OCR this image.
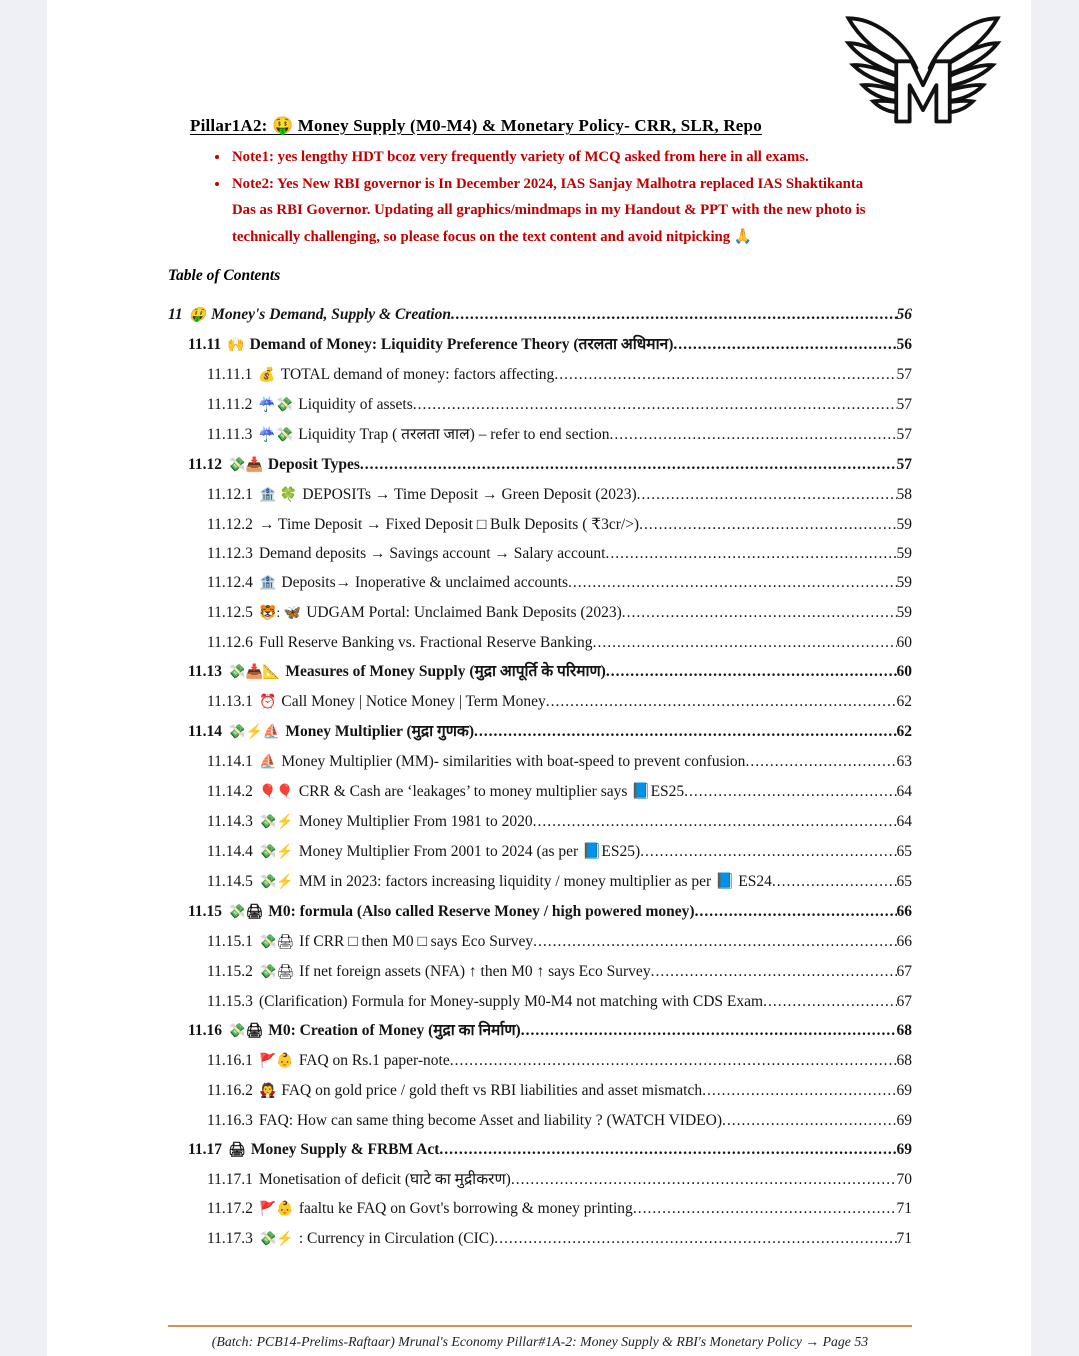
Pillar1A2: 🤑 Money Supply (M0-M4) & Monetary Policy- CRR, SLR, Repo
• Note1: yes lengthy HDT bcoz very frequently variety of MCQ asked from here in all exams.
• Note2: Yes New RBI governor is In December 2024, IAS Sanjay Malhotra replaced IAS Shaktikanta Das as RBI Governor. Updating all graphics/mindmaps in my Handout & PPT with the new photo is technically challenging, so please focus on the text content and avoid nitpicking 🙏
Table of Contents
11 🤑 Money's Demand, Supply & Creation .....	56
11.11 🙌 Demand of Money: Liquidity Preference Theory (तरलता अधिमान) .....	56
11.11.1 💰 TOTAL demand of money: factors affecting .....	57
11.11.2 ☔💸 Liquidity of assets .....	57
11.11.3 ☔💸 Liquidity Trap ( तरलता जाल) – refer to end section .....	57
11.12 💸📥 Deposit Types .....	57
11.12.1 🏦 🍀 DEPOSITs → Time Deposit → Green Deposit (2023) .....	58
11.12.2 → Time Deposit → Fixed Deposit □ Bulk Deposits ( ₹3cr/>) .....	59
11.12.3 Demand deposits → Savings account → Salary account .....	59
11.12.4 🏦 Deposits→ Inoperative & unclaimed accounts .....	59
11.12.5 🐯: 🦋 UDGAM Portal: Unclaimed Bank Deposits (2023) .....	59
11.12.6 Full Reserve Banking vs. Fractional Reserve Banking .....	60
11.13 💸📥📐 Measures of Money Supply (मुद्रा आपूर्ति के परिमाण) .....	60
11.13.1 ⏰ Call Money | Notice Money | Term Money .....	62
11.14 💸⚡⛵ Money Multiplier (मुद्रा गुणक) .....	62
11.14.1 ⛵ Money Multiplier (MM)- similarities with boat-speed to prevent confusion .....	63
11.14.2 🎈🎈 CRR & Cash are ‘leakages’ to money multiplier says 📘ES25 .....	64
11.14.3 💸⚡ Money Multiplier From 1981 to 2020 .....	64
11.14.4 💸⚡ Money Multiplier From 2001 to 2024 (as per 📘ES25) .....	65
11.14.5 💸⚡ MM in 2023: factors increasing liquidity / money multiplier as per 📘 ES24 .....	65
11.15 💸🖨 M0: formula (Also called Reserve Money / high powered money) .....	66
11.15.1 💸🖨 If CRR □ then M0 □ says Eco Survey .....	66
11.15.2 💸🖨 If net foreign assets (NFA) ↑ then M0 ↑ says Eco Survey .....	67
11.15.3 (Clarification) Formula for Money-supply M0-M4 not matching with CDS Exam .....	67
11.16 💸🖨 M0: Creation of Money (मुद्रा का निर्माण) .....	68
11.16.1 🚩👶 FAQ on Rs.1 paper-note .....	68
11.16.2 🧛 FAQ on gold price / gold theft vs RBI liabilities and asset mismatch .....	69
11.16.3 FAQ: How can same thing become Asset and liability ? (WATCH VIDEO) .....	69
11.17 🖨 Money Supply & FRBM Act .....	69
11.17.1 Monetisation of deficit (घाटे का मुद्रीकरण) .....	70
11.17.2 🚩👶 faaltu ke FAQ on Govt's borrowing & money printing .....	71
11.17.3 💸⚡ : Currency in Circulation (CIC) .....	71
(Batch: PCB14-Prelims-Raftaar) Mrunal's Economy Pillar#1A-2: Money Supply & RBI's Monetary Policy → Page 53
